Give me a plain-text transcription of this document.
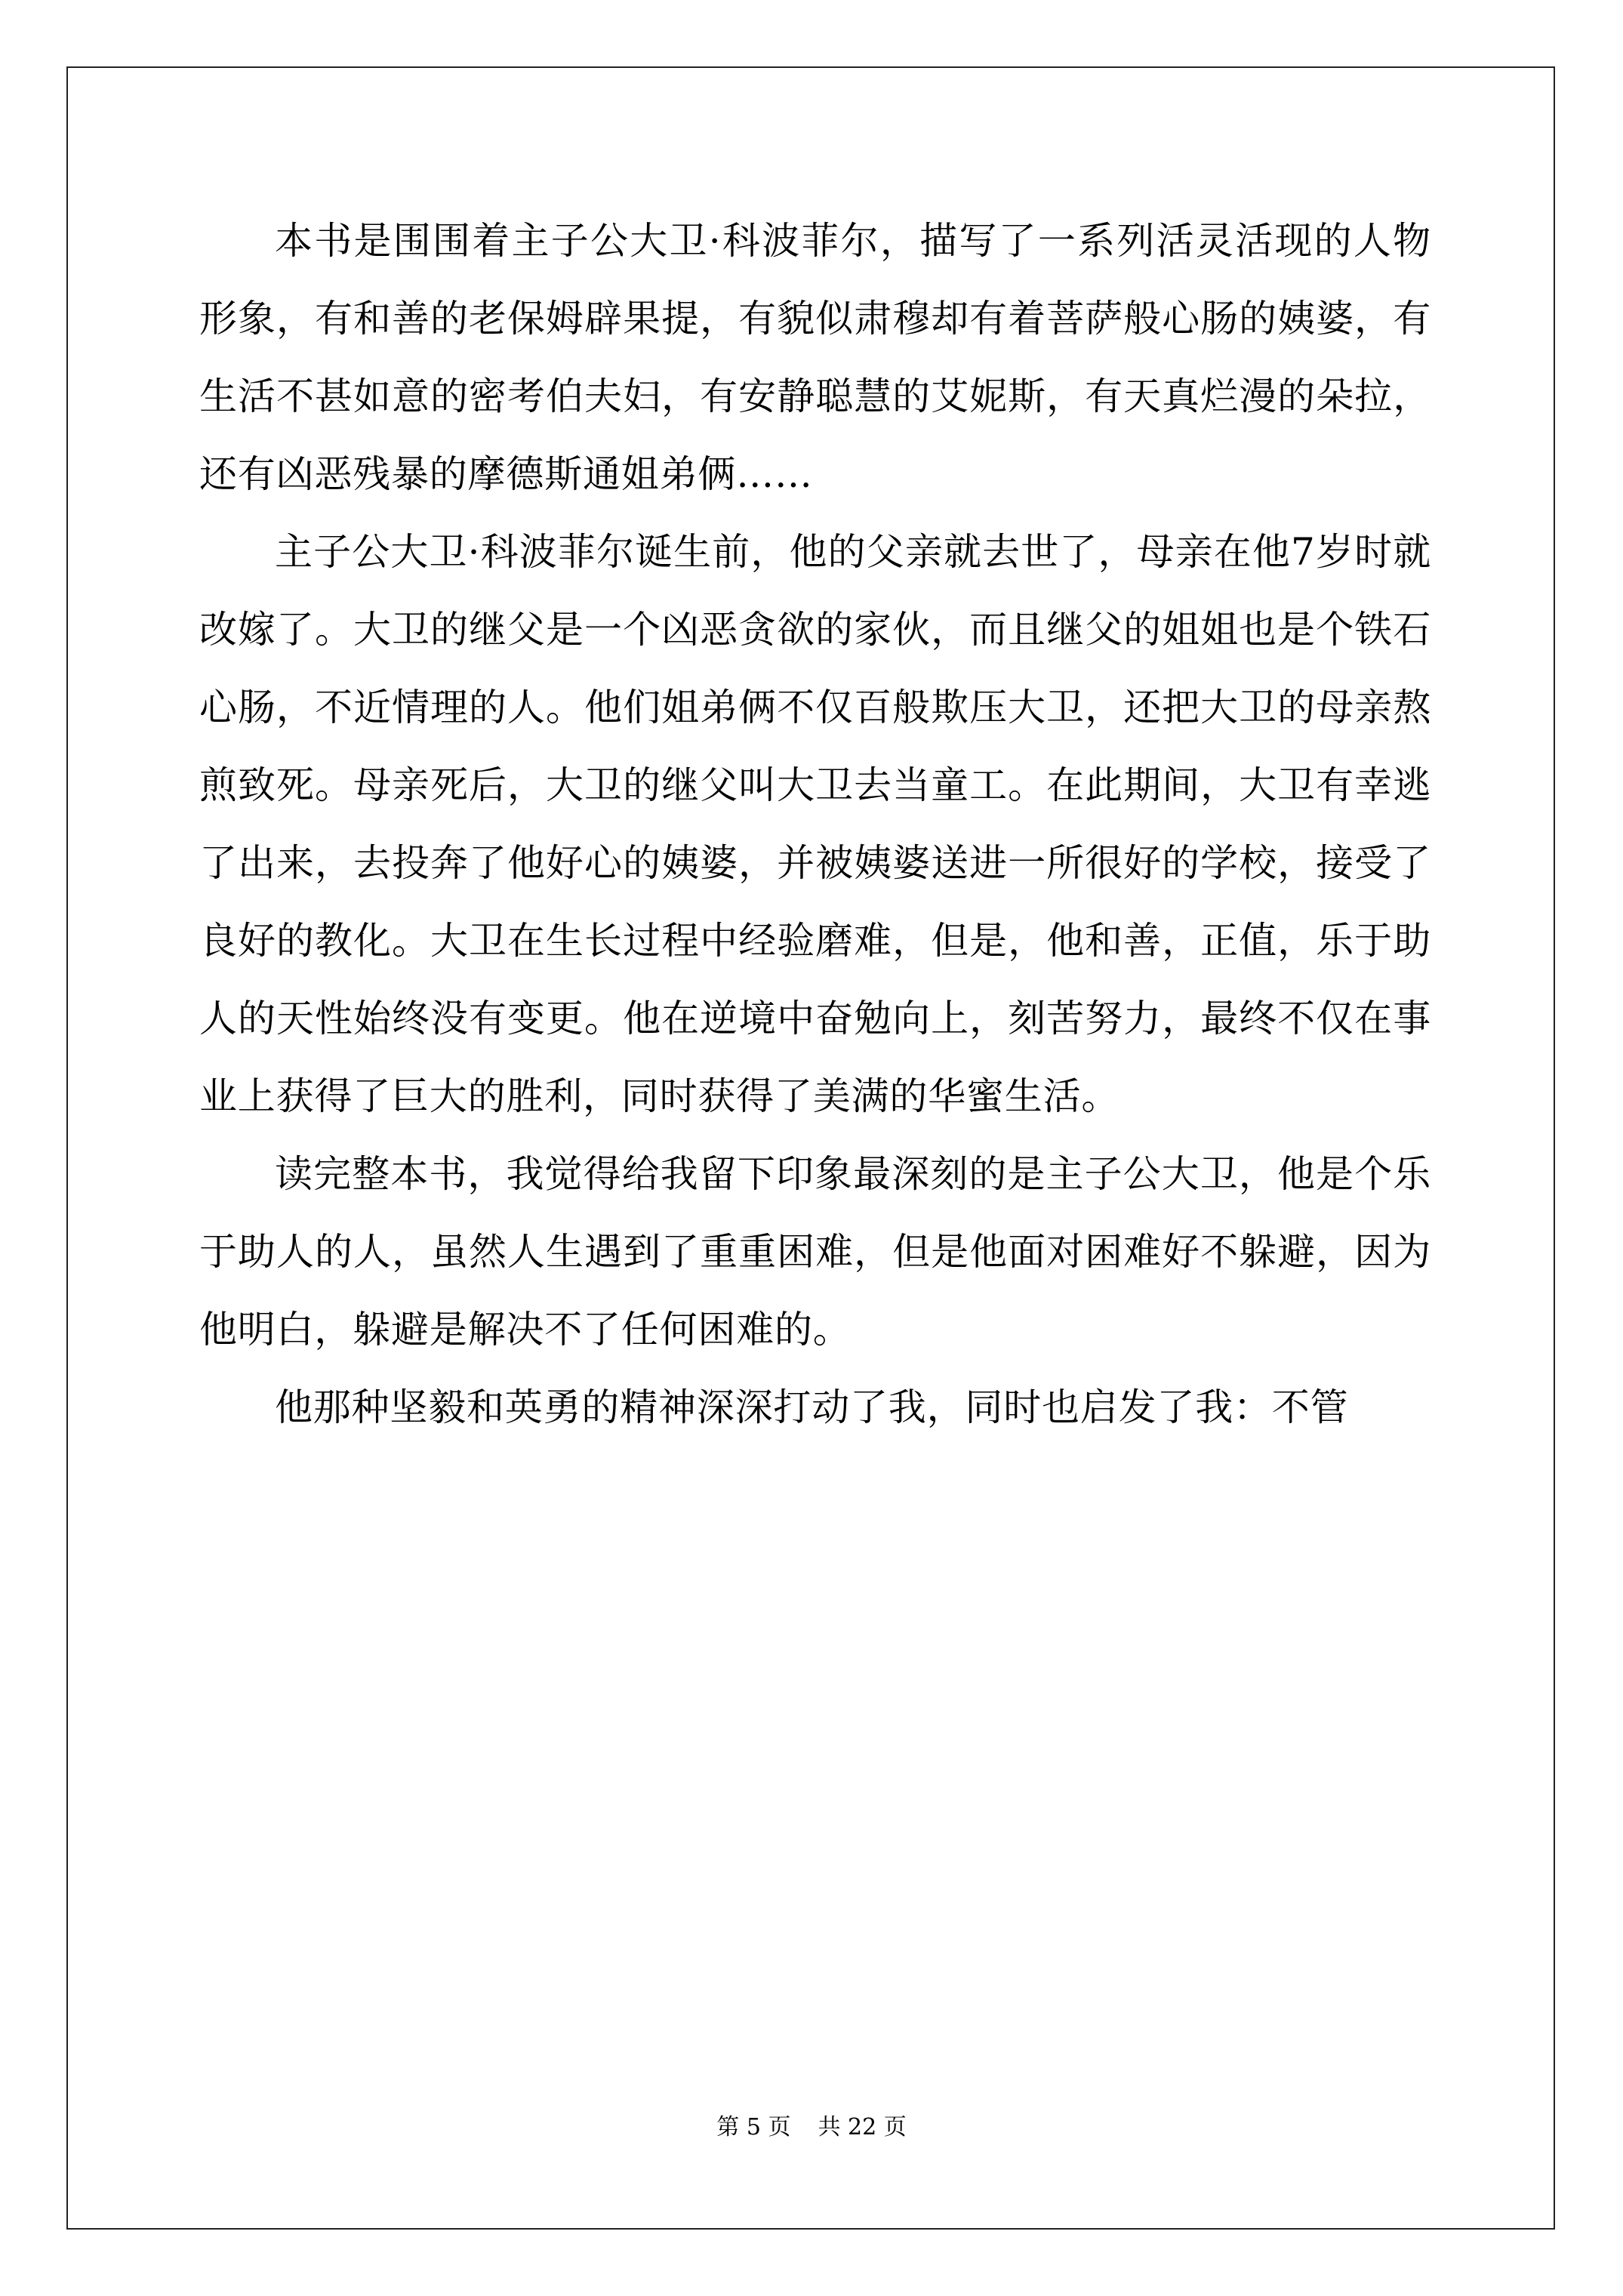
本书是围围着主子公大卫·科波菲尔，描写了一系列活灵活现的人物形象，有和善的老保姆辟果提，有貌似肃穆却有着菩萨般心肠的姨婆，有生活不甚如意的密考伯夫妇，有安静聪慧的艾妮斯，有天真烂漫的朵拉，还有凶恶残暴的摩德斯通姐弟俩……

主子公大卫·科波菲尔诞生前，他的父亲就去世了，母亲在他7岁时就改嫁了。大卫的继父是一个凶恶贪欲的家伙，而且继父的姐姐也是个铁石心肠，不近情理的人。他们姐弟俩不仅百般欺压大卫，还把大卫的母亲熬煎致死。母亲死后，大卫的继父叫大卫去当童工。在此期间，大卫有幸逃了出来，去投奔了他好心的姨婆，并被姨婆送进一所很好的学校，接受了良好的教化。大卫在生长过程中经验磨难，但是，他和善，正值，乐于助人的天性始终没有变更。他在逆境中奋勉向上，刻苦努力，最终不仅在事业上获得了巨大的胜利，同时获得了美满的华蜜生活。

读完整本书，我觉得给我留下印象最深刻的是主子公大卫，他是个乐于助人的人，虽然人生遇到了重重困难，但是他面对困难好不躲避，因为他明白，躲避是解决不了任何困难的。

他那种坚毅和英勇的精神深深打动了我，同时也启发了我：不管

第 5 页 共 22 页
